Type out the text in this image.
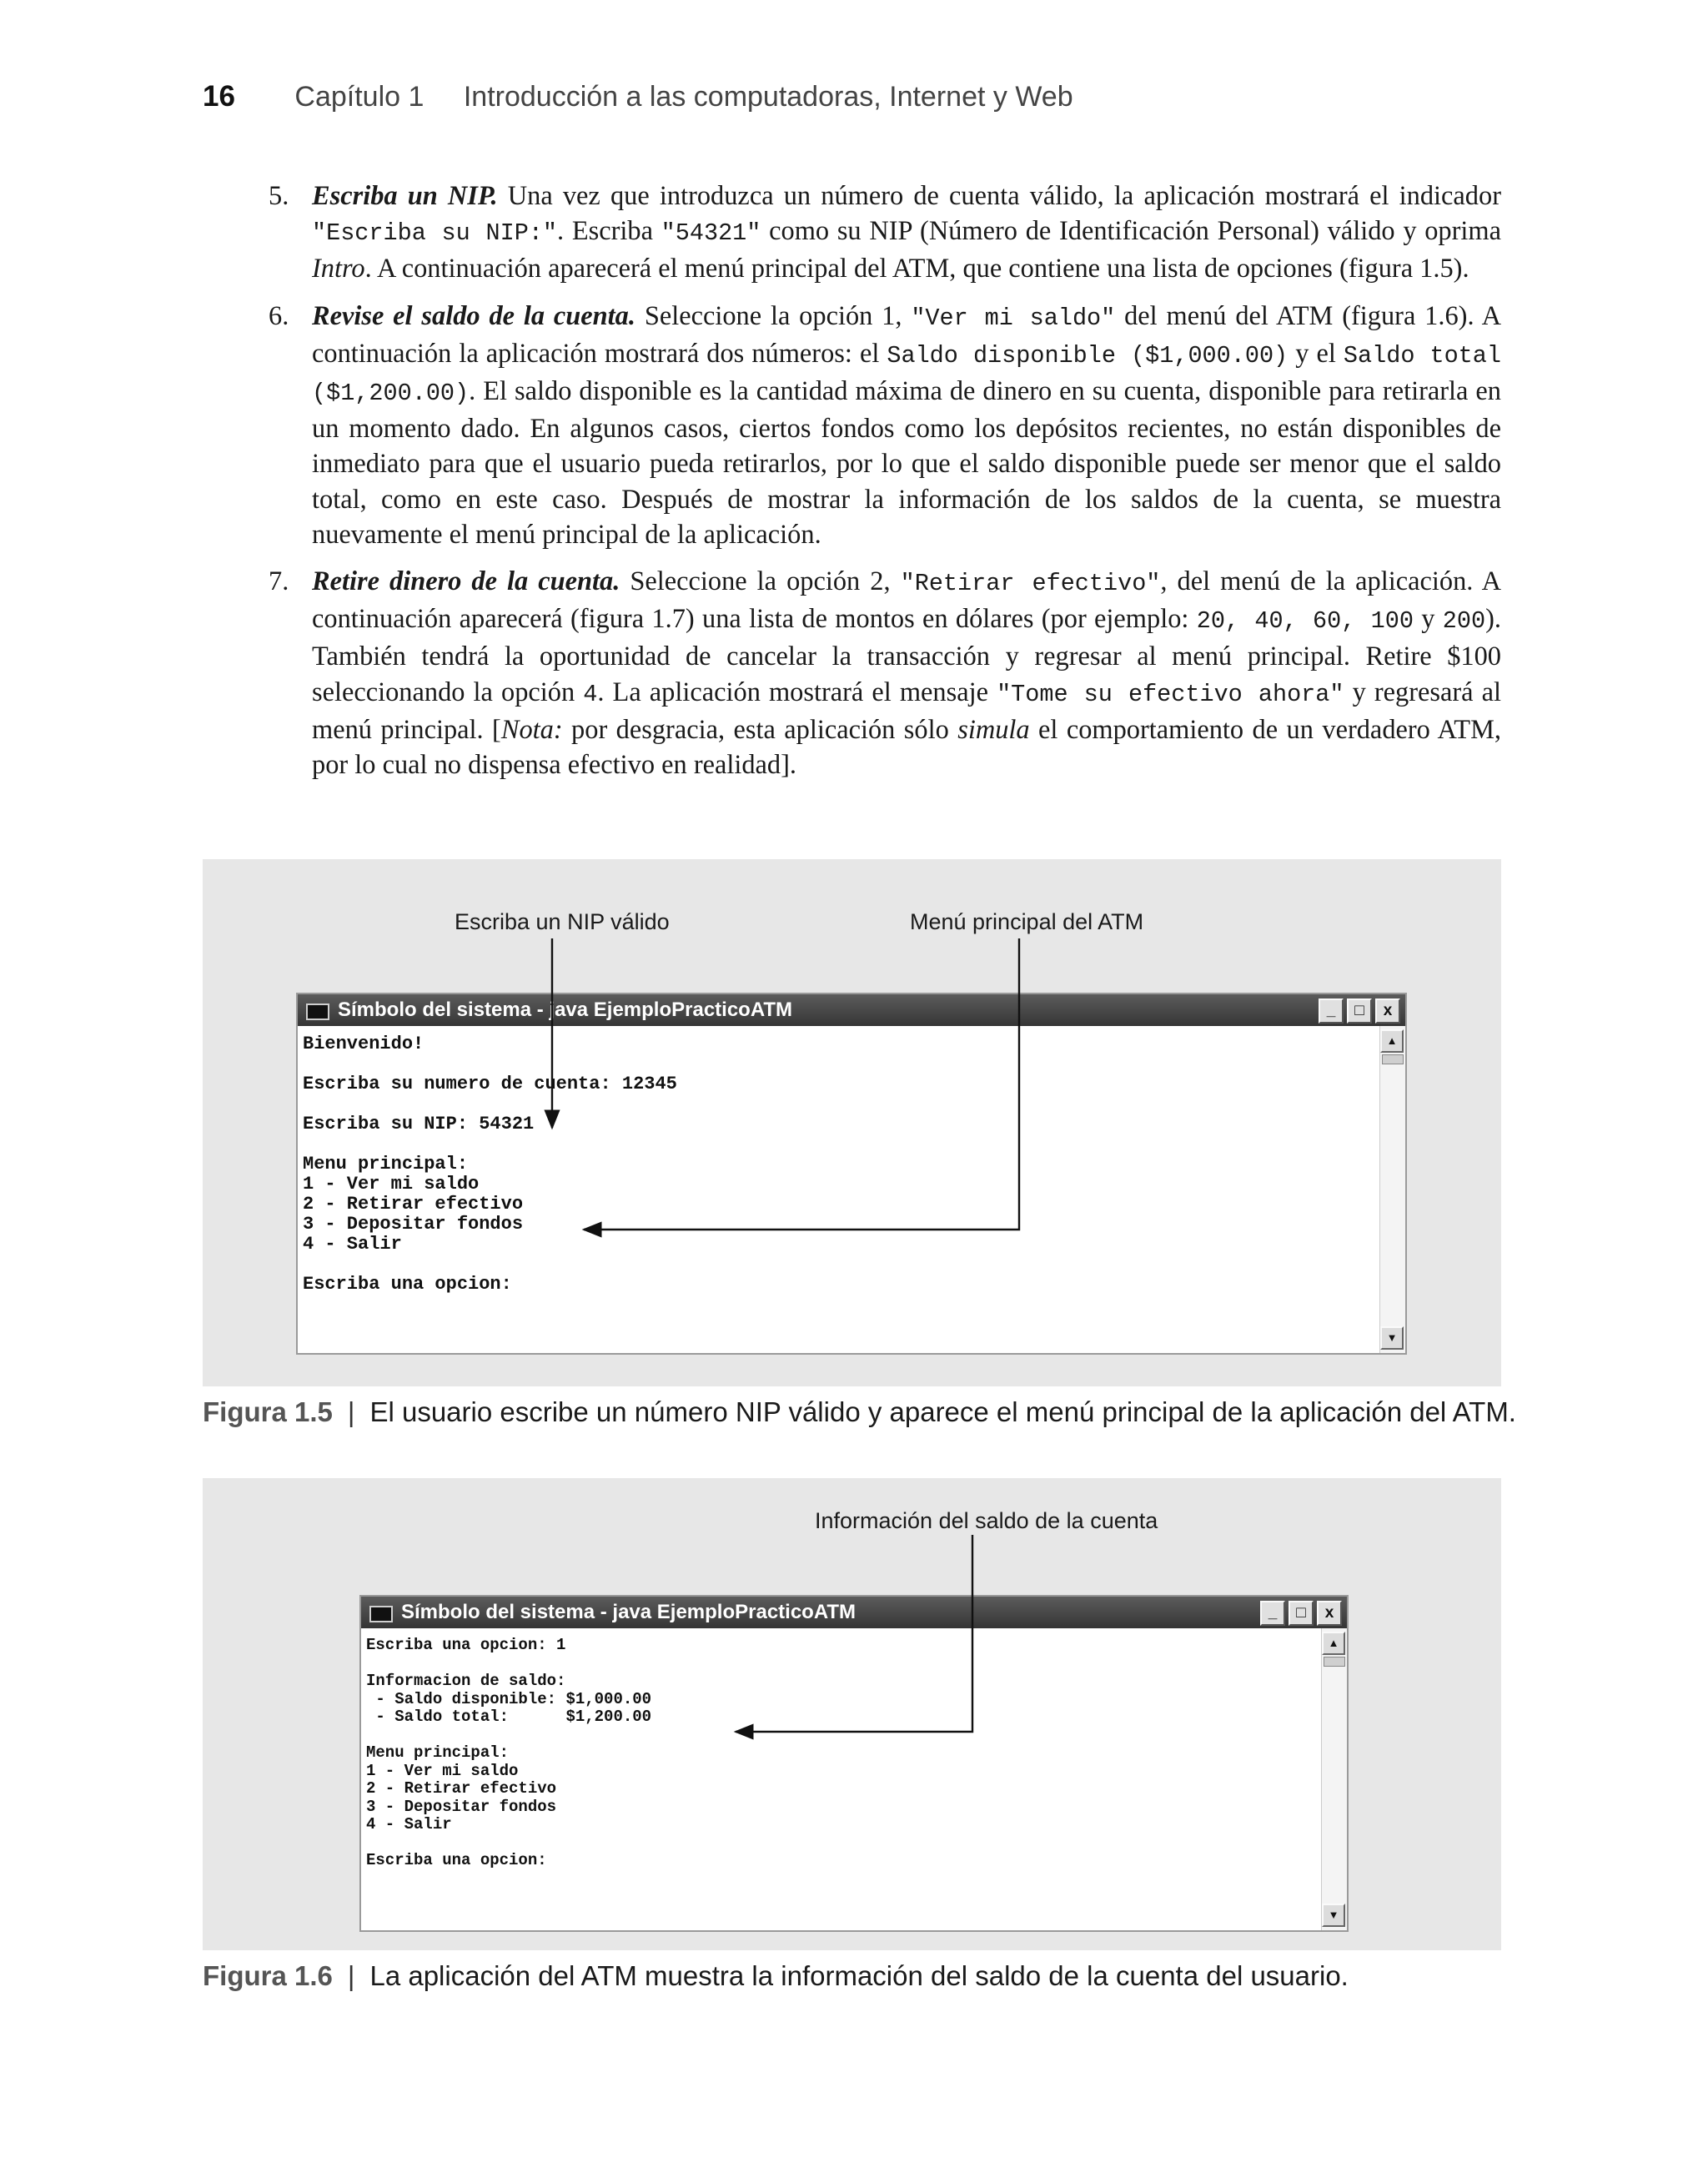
16 Capítulo 1 Introducción a las computadoras, Internet y Web
5. Escriba un NIP. Una vez que introduzca un número de cuenta válido, la aplicación mostrará el indicador "Escriba su NIP:". Escriba "54321" como su NIP (Número de Identificación Personal) válido y oprima Intro. A continuación aparecerá el menú principal del ATM, que contiene una lista de opciones (figura 1.5).
6. Revise el saldo de la cuenta. Seleccione la opción 1, "Ver mi saldo" del menú del ATM (figura 1.6). A continuación la aplicación mostrará dos números: el Saldo disponible ($1,000.00) y el Saldo total ($1,200.00). El saldo disponible es la cantidad máxima de dinero en su cuenta, disponible para retirarla en un momento dado. En algunos casos, ciertos fondos como los depósitos recientes, no están disponibles de inmediato para que el usuario pueda retirarlos, por lo que el saldo disponible puede ser menor que el saldo total, como en este caso. Después de mostrar la información de los saldos de la cuenta, se muestra nuevamente el menú principal de la aplicación.
7. Retire dinero de la cuenta. Seleccione la opción 2, "Retirar efectivo", del menú de la aplicación. A continuación aparecerá (figura 1.7) una lista de montos en dólares (por ejemplo: 20, 40, 60, 100 y 200). También tendrá la oportunidad de cancelar la transacción y regresar al menú principal. Retire $100 seleccionando la opción 4. La aplicación mostrará el mensaje "Tome su efectivo ahora" y regresará al menú principal. [Nota: por desgracia, esta aplicación sólo simula el comportamiento de un verdadero ATM, por lo cual no dispensa efectivo en realidad].
Escriba un NIP válido	Menú principal del ATM
Símbolo del sistema - java EjemploPracticoATM	_	□	x
Bienvenido!

Escriba su numero de cuenta: 12345

Escriba su NIP: 54321

Menu principal:
1 - Ver mi saldo
2 - Retirar efectivo
3 - Depositar fondos
4 - Salir

Escriba una opcion:
▲
▼
Figura 1.5 | El usuario escribe un número NIP válido y aparece el menú principal de la aplicación del ATM.
Información del saldo de la cuenta
Símbolo del sistema - java EjemploPracticoATM	_	□	x
Escriba una opcion: 1

Informacion de saldo:
- Saldo disponible: $1,000.00
- Saldo total:      $1,200.00

Menu principal:
1 - Ver mi saldo
2 - Retirar efectivo
3 - Depositar fondos
4 - Salir

Escriba una opcion:
▲
▼
Figura 1.6 | La aplicación del ATM muestra la información del saldo de la cuenta del usuario.
